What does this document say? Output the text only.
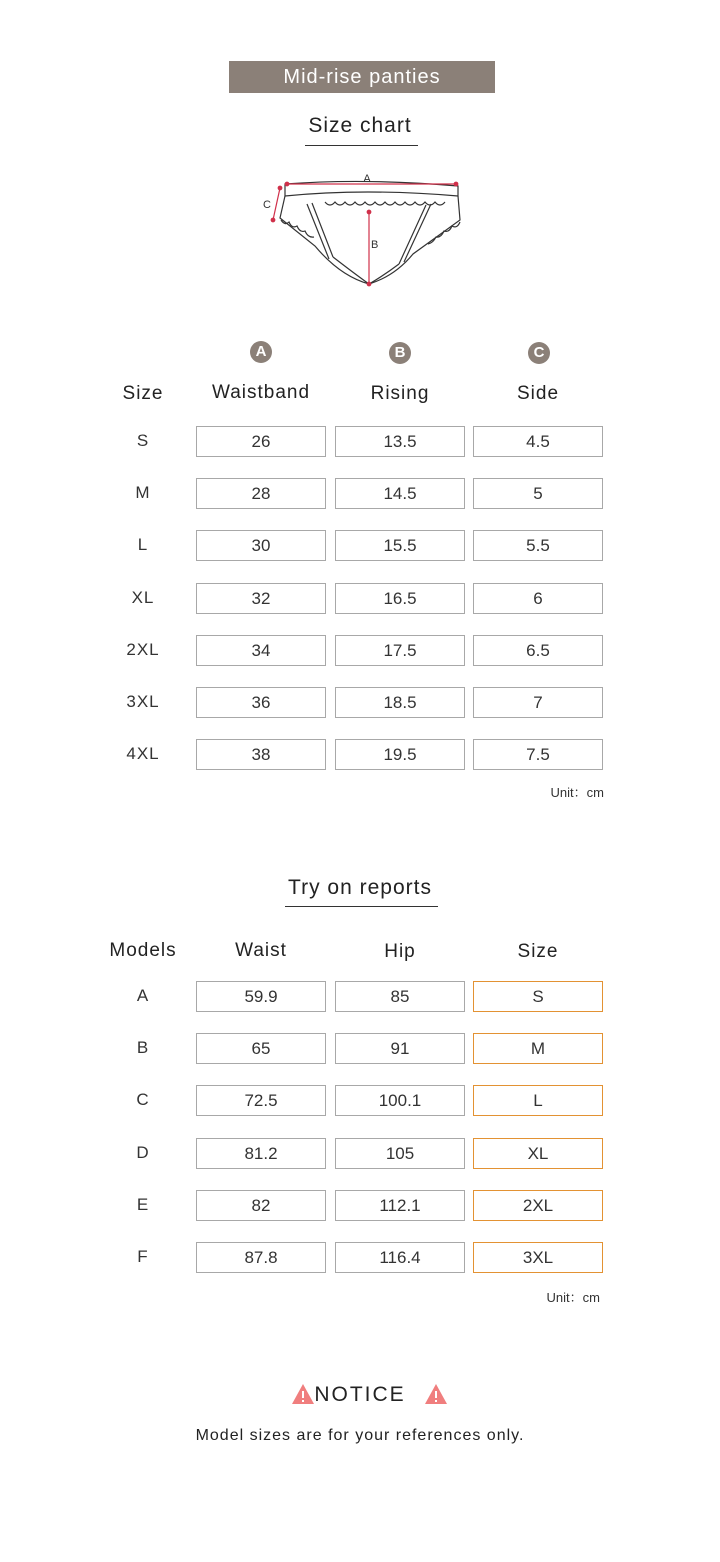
Mid-rise panties
Size chart
A
B
C
A	B	C
Size	Waistband	Rising	Side
S	26	13.5	4.5
M	28	14.5	5
L	30	15.5	5.5
XL	32	16.5	6
2XL	34	17.5	6.5
3XL	36	18.5	7
4XL	38	19.5	7.5
Unit：cm
Try on reports
Models	Waist	Hip	Size
A	59.9	85	S
B	65	91	M
C	72.5	100.1	L
D	81.2	105	XL
E	82	112.1	2XL
F	87.8	116.4	3XL
Unit：cm
NOTICE
Model sizes are for your references only.
